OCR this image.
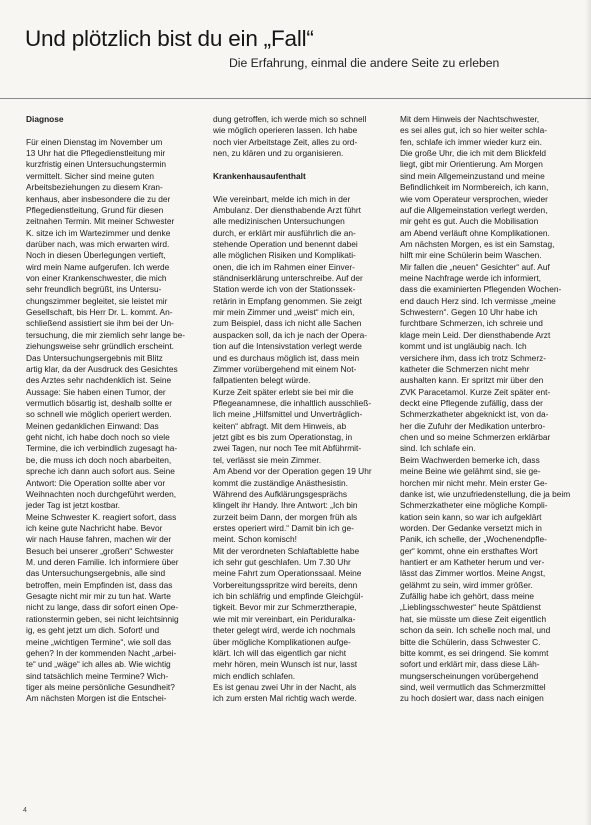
Und plötzlich bist du ein „Fall“
Die Erfahrung, einmal die andere Seite zu erleben

Diagnose

Für einen Dienstag im November um

13 Uhr hat die Pflegedienstleitung mir

kurzfristig einen Untersuchungstermin

vermittelt. Sicher sind meine guten

Arbeitsbeziehungen zu diesem Kran-

kenhaus, aber insbesondere die zu der

Pflegedienstleitung, Grund für diesen

zeitnahen Termin. Mit meiner Schwester

K. sitze ich im Wartezimmer und denke

darüber nach, was mich erwarten wird.

Noch in diesen Überlegungen vertieft,

wird mein Name aufgerufen. Ich werde

von einer Krankenschwester, die mich

sehr freundlich begrüßt, ins Untersu-

chungszimmer begleitet, sie leistet mir

Gesellschaft, bis Herr Dr. L. kommt. An-

schließend assistiert sie ihm bei der Un-

tersuchung, die mir ziemlich sehr lange be-

ziehungsweise sehr gründlich erscheint.

Das Untersuchungsergebnis mit Blitz

artig klar, da der Ausdruck des Gesichtes

des Arztes sehr nachdenklich ist. Seine

Aussage: Sie haben einen Tumor, der

vermutlich bösartig ist, deshalb sollte er

so schnell wie möglich operiert werden.

Meinen gedanklichen Einwand: Das

geht nicht, ich habe doch noch so viele

Termine, die ich verbindlich zugesagt ha-

be, die muss ich doch noch abarbeiten,

spreche ich dann auch sofort aus. Seine

Antwort: Die Operation sollte aber vor

Weihnachten noch durchgeführt werden,

jeder Tag ist jetzt kostbar.

Meine Schwester K. reagiert sofort, dass

ich keine gute Nachricht habe. Bevor

wir nach Hause fahren, machen wir der

Besuch bei unserer „großen“ Schwester

M. und deren Familie. Ich informiere über

das Untersuchungsergebnis, alle sind

betroffen, mein Empfinden ist, dass das

Gesagte nicht mir mir zu tun hat. Warte

nicht zu lange, dass dir sofort einen Ope-

rationstermin geben, sei nicht leichtsinnig

ig, es geht jetzt um dich. Sofort! und

meine „wichtigen Termine“, wie soll das

gehen? In der kommenden Nacht „arbei-

te“ und „wäge“ ich alles ab. Wie wichtig

sind tatsächlich meine Termine? Wich-

tiger als meine persönliche Gesundheit?

Am nächsten Morgen ist die Entschei-

dung getroffen, ich werde mich so schnell

wie möglich operieren lassen. Ich habe

noch vier Arbeitstage Zeit, alles zu ord-

nen, zu klären und zu organisieren.

Krankenhausaufenthalt

Wie vereinbart, melde ich mich in der

Ambulanz. Der diensthabende Arzt führt

alle medizinischen Untersuchungen

durch, er erklärt mir ausführlich die an-

stehende Operation und benennt dabei

alle möglichen Risiken und Komplikati-

onen, die ich im Rahmen einer Einver-

ständniserklärung unterschreibe. Auf der

Station werde ich von der Stationssek-

retärin in Empfang genommen. Sie zeigt

mir mein Zimmer und „weist“ mich ein,

zum Beispiel, dass ich nicht alle Sachen

auspacken soll, da ich je nach der Opera-

tion auf die Intensivstation verlegt werde

und es durchaus möglich ist, dass mein

Zimmer vorübergehend mit einem Not-

fallpatienten belegt würde.

Kurze Zeit später erlebt sie bei mir die

Pflegeanamnese, die inhaltlich ausschließ-

lich meine „Hilfsmittel und Unverträglich-

keiten“ abfragt. Mit dem Hinweis, ab

jetzt gibt es bis zum Operationstag, in

zwei Tagen, nur noch Tee mit Abführmit-

tel, verlässt sie mein Zimmer.

Am Abend vor der Operation gegen 19 Uhr

kommt die zuständige Anästhesistin.

Während des Aufklärungsgesprächs

klingelt ihr Handy. Ihre Antwort: „Ich bin

zurzeit beim Dann, der morgen früh als

erstes operiert wird.“ Damit bin ich ge-

meint. Schon komisch!

Mit der verordneten Schlaftablette habe

ich sehr gut geschlafen. Um 7.30 Uhr

meine Fahrt zum Operationssaal. Meine

Vorbereitungsspritze wird bereits, denn

ich bin schläfrig und empfinde Gleichgül-

tigkeit. Bevor mir zur Schmerztherapie,

wie mit mir vereinbart, ein Periduralka-

theter gelegt wird, werde ich nochmals

über mögliche Komplikationen aufge-

klärt. Ich will das eigentlich gar nicht

mehr hören, mein Wunsch ist nur, lasst

mich endlich schlafen.

Es ist genau zwei Uhr in der Nacht, als

ich zum ersten Mal richtig wach werde.

Mit dem Hinweis der Nachtschwester,

es sei alles gut, ich so hier weiter schla-

fen, schlafe ich immer wieder kurz ein.

Die große Uhr, die ich mit dem Blickfeld

liegt, gibt mir Orientierung. Am Morgen

sind mein Allgemeinzustand und meine

Befindlichkeit im Normbereich, ich kann,

wie vom Operateur versprochen, wieder

auf die Allgemeinstation verlegt werden,

mir geht es gut. Auch die Mobilisation

am Abend verläuft ohne Komplikationen.

Am nächsten Morgen, es ist ein Samstag,

hilft mir eine Schülerin beim Waschen.

Mir fallen die „neuen“ Gesichter“ auf. Auf

meine Nachfrage werde ich informiert,

dass die examinierten Pflegenden Wochen-

end dauch Herz sind. Ich vermisse „meine

Schwestern“. Gegen 10 Uhr habe ich

furchtbare Schmerzen, ich schreie und

klage mein Leid. Der diensthabende Arzt

kommt und ist ungläubig nach. Ich

versichere ihm, dass ich trotz Schmerz-

katheter die Schmerzen nicht mehr

aushalten kann. Er spritzt mir über den

ZVK Paracetamol. Kurze Zeit später ent-

deckt eine Pflegende zufällig, dass der

Schmerzkatheter abgeknickt ist, von da-

her die Zufuhr der Medikation unterbro-

chen und so meine Schmerzen erklärbar

sind. Ich schlafe ein.

Beim Wachwerden bemerke ich, dass

meine Beine wie gelähmt sind, sie ge-

horchen mir nicht mehr. Mein erster Ge-

danke ist, wie unzufriedenstellung, die ja beim

Schmerzkatheter eine mögliche Kompli-

kation sein kann, so war ich aufgeklärt

worden. Der Gedanke versetzt mich in

Panik, ich schelle, der „Wochenendpfle-

ger“ kommt, ohne ein ersthaftes Wort

hantiert er am Katheter herum und ver-

lässt das Zimmer wortlos. Meine Angst,

gelähmt zu sein, wird immer größer.

Zufällig habe ich gehört, dass meine

„Lieblingsschwester“ heute Spätdienst

hat, sie müsste um diese Zeit eigentlich

schon da sein. Ich schelle noch mal, und

bitte die Schülerin, dass Schwester C.

bitte kommt, es sei dringend. Sie kommt

sofort und erklärt mir, dass diese Läh-

mungserscheinungen vorübergehend

sind, weil vermutlich das Schmerzmittel

zu hoch dosiert war, dass nach einigen

4
